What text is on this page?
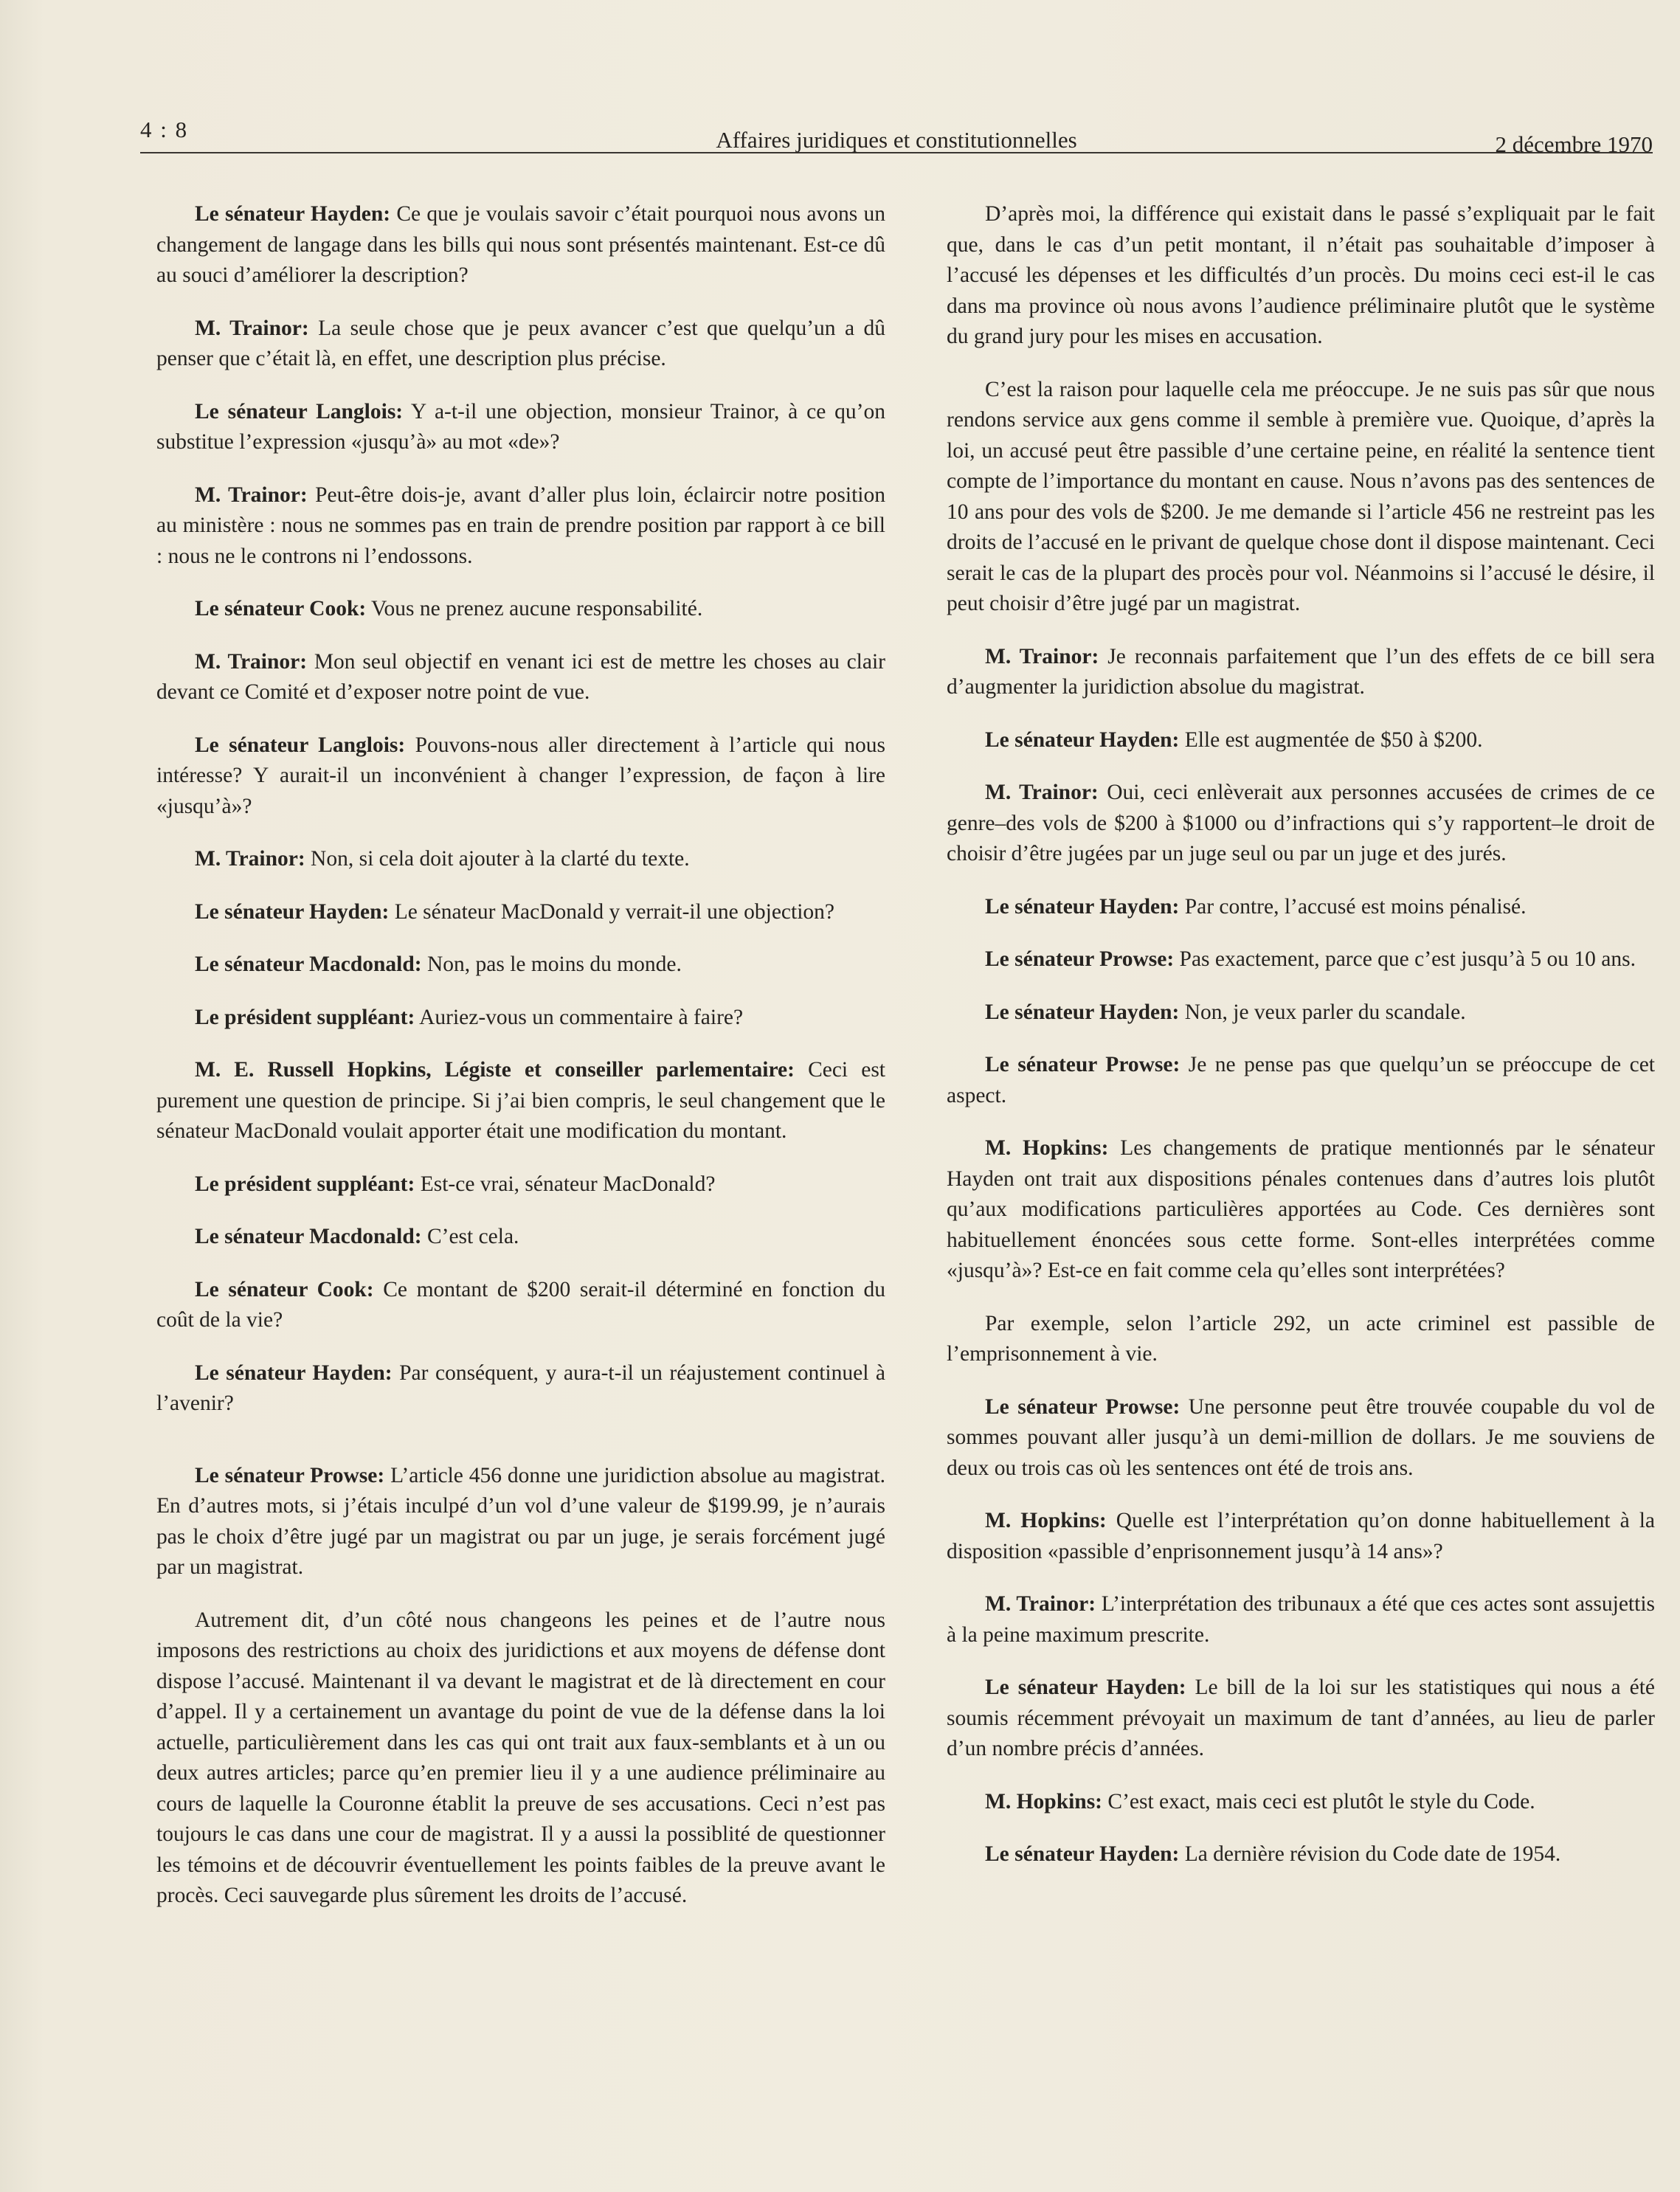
4 : 8	Affaires juridiques et constitutionnelles	2 décembre 1970

Le sénateur Hayden: Ce que je voulais savoir c’était pourquoi nous avons un changement de langage dans les bills qui nous sont présentés maintenant. Est-ce dû au souci d’améliorer la description?

M. Trainor: La seule chose que je peux avancer c’est que quelqu’un a dû penser que c’était là, en effet, une description plus précise.

Le sénateur Langlois: Y a-t-il une objection, monsieur Trainor, à ce qu’on substitue l’expression «jusqu’à» au mot «de»?

M. Trainor: Peut-être dois-je, avant d’aller plus loin, éclaircir notre position au ministère : nous ne sommes pas en train de prendre position par rapport à ce bill : nous ne le controns ni l’endossons.

Le sénateur Cook: Vous ne prenez aucune responsabilité.

M. Trainor: Mon seul objectif en venant ici est de mettre les choses au clair devant ce Comité et d’exposer notre point de vue.

Le sénateur Langlois: Pouvons-nous aller directement à l’article qui nous intéresse? Y aurait-il un inconvénient à changer l’expression, de façon à lire «jusqu’à»?

M. Trainor: Non, si cela doit ajouter à la clarté du texte.

Le sénateur Hayden: Le sénateur MacDonald y verrait-il une objection?

Le sénateur Macdonald: Non, pas le moins du monde.

Le président suppléant: Auriez-vous un commentaire à faire?

M. E. Russell Hopkins, Légiste et conseiller parlementaire: Ceci est purement une question de principe. Si j’ai bien compris, le seul changement que le sénateur MacDonald voulait apporter était une modification du montant.

Le président suppléant: Est-ce vrai, sénateur MacDonald?

Le sénateur Macdonald: C’est cela.

Le sénateur Cook: Ce montant de $200 serait-il déterminé en fonction du coût de la vie?

Le sénateur Hayden: Par conséquent, y aura-t-il un réajustement continuel à l’avenir?

Le sénateur Prowse: L’article 456 donne une juridiction absolue au magistrat. En d’autres mots, si j’étais inculpé d’un vol d’une valeur de $199.99, je n’aurais pas le choix d’être jugé par un magistrat ou par un juge, je serais forcément jugé par un magistrat.

Autrement dit, d’un côté nous changeons les peines et de l’autre nous imposons des restrictions au choix des juridictions et aux moyens de défense dont dispose l’accusé. Maintenant il va devant le magistrat et de là directement en cour d’appel. Il y a certainement un avantage du point de vue de la défense dans la loi actuelle, particulièrement dans les cas qui ont trait aux faux-semblants et à un ou deux autres articles; parce qu’en premier lieu il y a une audience préliminaire au cours de laquelle la Couronne établit la preuve de ses accusations. Ceci n’est pas toujours le cas dans une cour de magistrat. Il y a aussi la possiblité de questionner les témoins et de découvrir éventuellement les points faibles de la preuve avant le procès. Ceci sauvegarde plus sûrement les droits de l’accusé.

D’après moi, la différence qui existait dans le passé s’expliquait par le fait que, dans le cas d’un petit montant, il n’était pas souhaitable d’imposer à l’accusé les dépenses et les difficultés d’un procès. Du moins ceci est-il le cas dans ma province où nous avons l’audience préliminaire plutôt que le système du grand jury pour les mises en accusation.

C’est la raison pour laquelle cela me préoccupe. Je ne suis pas sûr que nous rendons service aux gens comme il semble à première vue. Quoique, d’après la loi, un accusé peut être passible d’une certaine peine, en réalité la sentence tient compte de l’importance du montant en cause. Nous n’avons pas des sentences de 10 ans pour des vols de $200. Je me demande si l’article 456 ne restreint pas les droits de l’accusé en le privant de quelque chose dont il dispose maintenant. Ceci serait le cas de la plupart des procès pour vol. Néanmoins si l’accusé le désire, il peut choisir d’être jugé par un magistrat.

M. Trainor: Je reconnais parfaitement que l’un des effets de ce bill sera d’augmenter la juridiction absolue du magistrat.

Le sénateur Hayden: Elle est augmentée de $50 à $200.

M. Trainor: Oui, ceci enlèverait aux personnes accusées de crimes de ce genre–des vols de $200 à $1000 ou d’infractions qui s’y rapportent–le droit de choisir d’être jugées par un juge seul ou par un juge et des jurés.

Le sénateur Hayden: Par contre, l’accusé est moins pénalisé.

Le sénateur Prowse: Pas exactement, parce que c’est jusqu’à 5 ou 10 ans.

Le sénateur Hayden: Non, je veux parler du scandale.

Le sénateur Prowse: Je ne pense pas que quelqu’un se préoccupe de cet aspect.

M. Hopkins: Les changements de pratique mentionnés par le sénateur Hayden ont trait aux dispositions pénales contenues dans d’autres lois plutôt qu’aux modifications particulières apportées au Code. Ces dernières sont habituellement énoncées sous cette forme. Sont-elles interprétées comme «jusqu’à»? Est-ce en fait comme cela qu’elles sont interprétées?

Par exemple, selon l’article 292, un acte criminel est passible de l’emprisonnement à vie.

Le sénateur Prowse: Une personne peut être trouvée coupable du vol de sommes pouvant aller jusqu’à un demi-million de dollars. Je me souviens de deux ou trois cas où les sentences ont été de trois ans.

M. Hopkins: Quelle est l’interprétation qu’on donne habituellement à la disposition «passible d’enprisonnement jusqu’à 14 ans»?

M. Trainor: L’interprétation des tribunaux a été que ces actes sont assujettis à la peine maximum prescrite.

Le sénateur Hayden: Le bill de la loi sur les statistiques qui nous a été soumis récemment prévoyait un maximum de tant d’années, au lieu de parler d’un nombre précis d’années.

M. Hopkins: C’est exact, mais ceci est plutôt le style du Code.

Le sénateur Hayden: La dernière révision du Code date de 1954.
